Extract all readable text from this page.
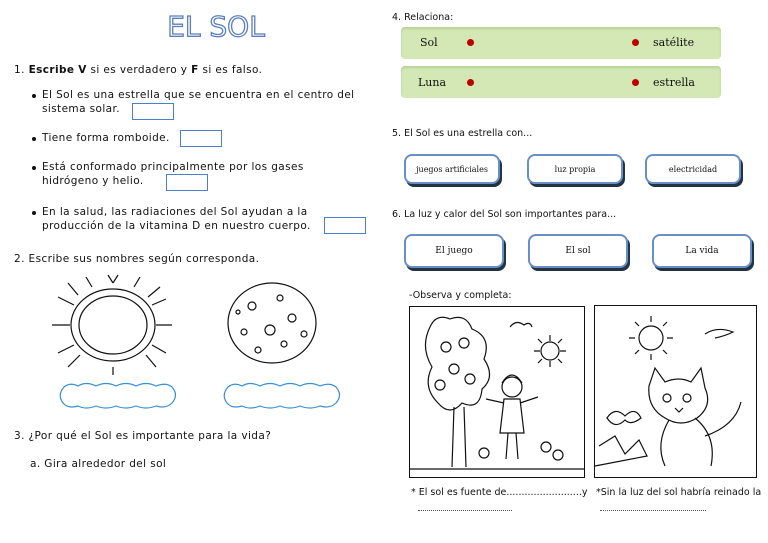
EL SOL
1. Escribe V si es verdadero y F si es falso.
El Sol es una estrella que se encuentra en el centro del
sistema solar.
Tiene forma romboide.
Está conformado principalmente por los gases
hidrógeno y helio.
En la salud, las radiaciones del Sol ayudan a la
producción de la vitamina D en nuestro cuerpo.
2. Escribe sus nombres según corresponda.
3. ¿Por qué el Sol es importante para la vida?
a. Gira alrededor del sol
4. Relaciona:
Sol	satélite
Luna	estrella
5. El Sol es una estrella con...
juegos artificiales	luz propia	electricidad
6. La luz y calor del Sol son importantes para...
El juego	El sol	La vida
-Observa y completa:
* El sol es fuente de.........................y *Sin la luz del sol habría reinado la
